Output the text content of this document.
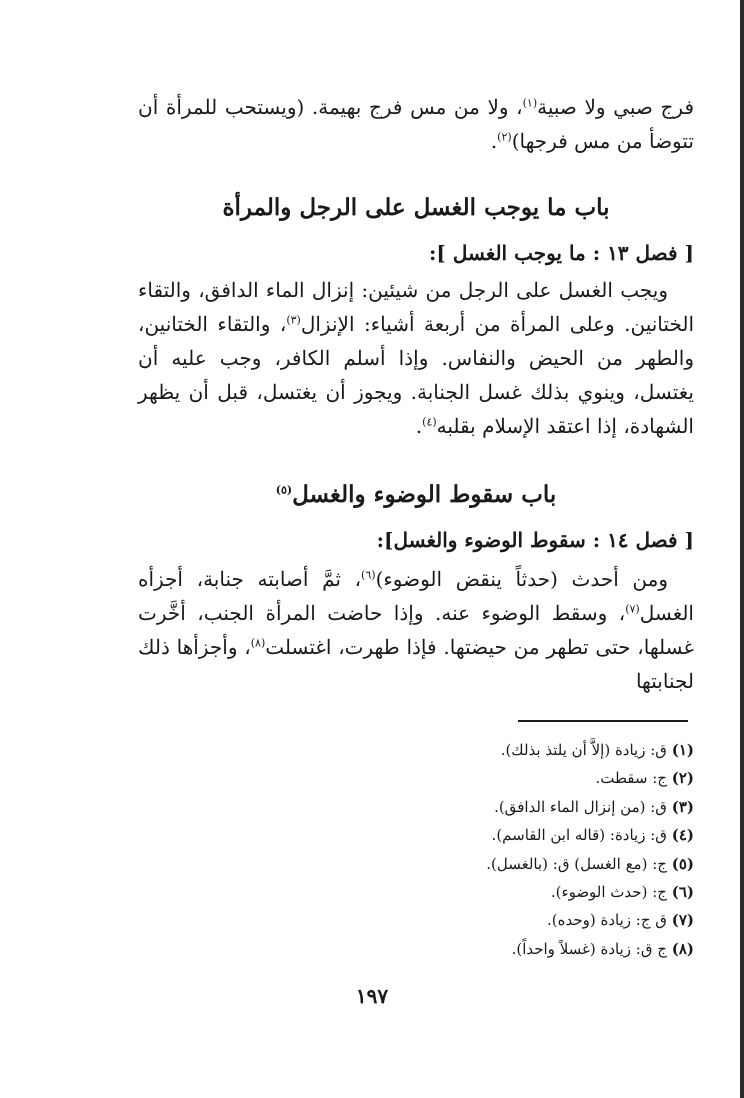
فرج صبي ولا صبية$^{(١)}$، ولا من مس فرج بهيمة. (ويستحب للمرأة أن تتوضأ من مس فرجها)$^{(٢)}$.

باب ما يوجب الغسل على الرجل والمرأة

[ فصل ١٣ : ما يوجب الغسل ]:

ويجب الغسل على الرجل من شيئين: إنزال الماء الدافق، والتقاء الختانين. وعلى المرأة من أربعة أشياء: الإنزال$^{(٣)}$، والتقاء الختانين، والطهر من الحيض والنفاس. وإذا أسلم الكافر، وجب عليه أن يغتسل، وينوي بذلك غسل الجنابة. ويجوز أن يغتسل، قبل أن يظهر الشهادة، إذا اعتقد الإسلام بقلبه$^{(٤)}$.

باب سقوط الوضوء والغسل$^{(٥)}$

[ فصل ١٤ : سقوط الوضوء والغسل]:

ومن أحدث (حدثاً ينقض الوضوء)$^{(٦)}$، ثمَّ أصابته جنابة، أجزأه الغسل$^{(٧)}$، وسقط الوضوء عنه. وإذا حاضت المرأة الجنب، أخَّرت غسلها، حتى تطهر من حيضتها. فإذا طهرت، اغتسلت$^{(٨)}$، وأجزأها ذلك لجنابتها

(١) ق: زيادة (إلاَّ أن يلتذ بذلك).

(٢) ج: سقطت.

(٣) ق: (من إنزال الماء الدافق).

(٤) ق: زيادة: (قاله ابن القاسم).

(٥) ج: (مع الغسل) ق: (بالغسل).

(٦) ج: (حدث الوضوء).

(٧) ق ج: زيادة (وحده).

(٨) ج ق: زيادة (غسلاً واحداً).

١٩٧
